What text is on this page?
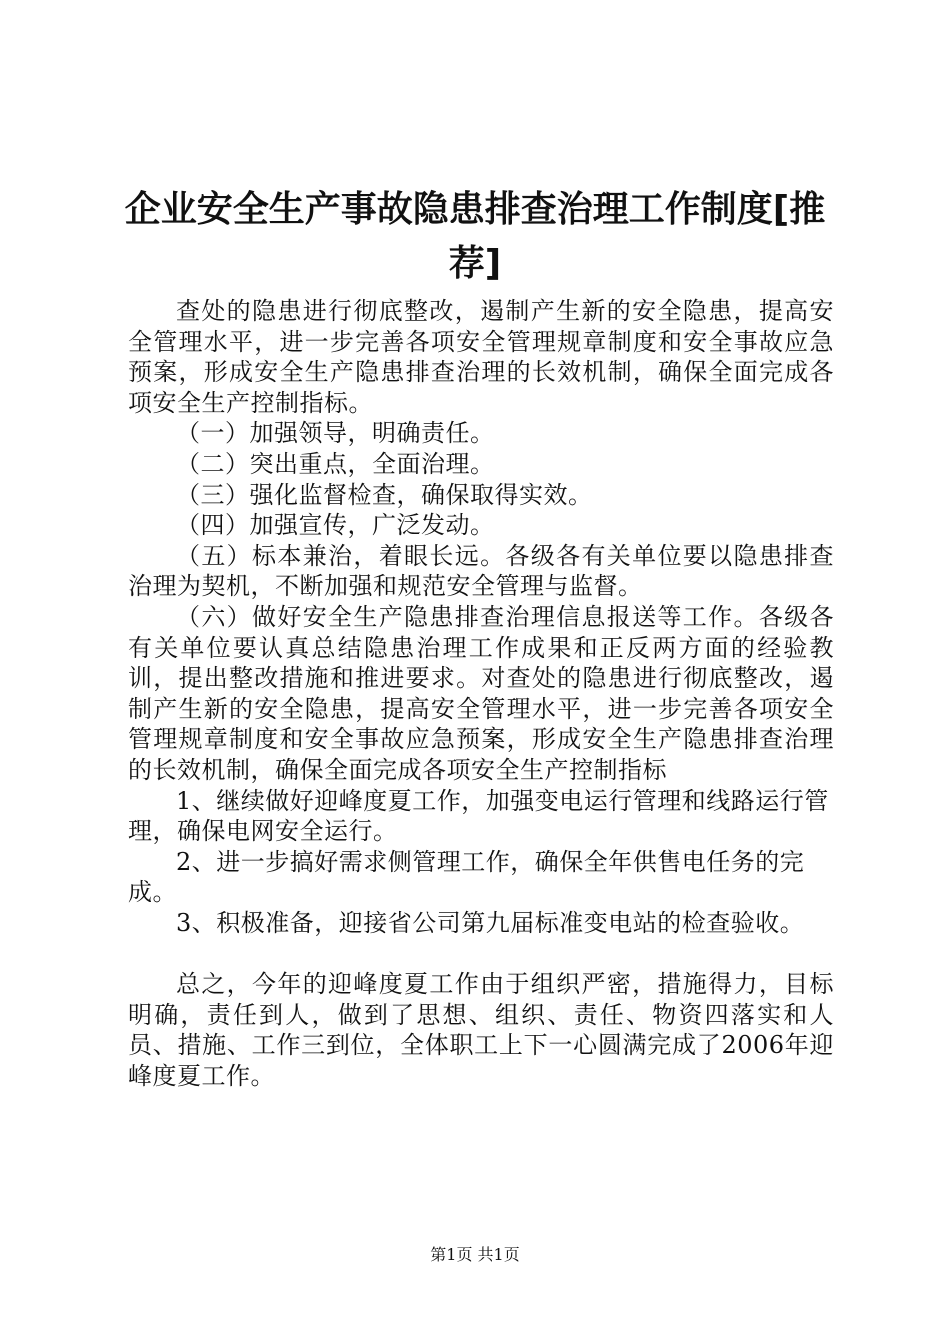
企业安全生产事故隐患排查治理工作制度[推荐]

查处的隐患进行彻底整改，遏制产生新的安全隐患，提高安全管理水平，进一步完善各项安全管理规章制度和安全事故应急预案，形成安全生产隐患排查治理的长效机制，确保全面完成各项安全生产控制指标。

（一）加强领导，明确责任。

（二）突出重点，全面治理。

（三）强化监督检查，确保取得实效。

（四）加强宣传，广泛发动。

（五）标本兼治，着眼长远。各级各有关单位要以隐患排查治理为契机，不断加强和规范安全管理与监督。

（六）做好安全生产隐患排查治理信息报送等工作。各级各有关单位要认真总结隐患治理工作成果和正反两方面的经验教训，提出整改措施和推进要求。对查处的隐患进行彻底整改，遏制产生新的安全隐患，提高安全管理水平，进一步完善各项安全管理规章制度和安全事故应急预案，形成安全生产隐患排查治理的长效机制，确保全面完成各项安全生产控制指标

1、继续做好迎峰度夏工作，加强变电运行管理和线路运行管理，确保电网安全运行。

2、进一步搞好需求侧管理工作，确保全年供售电任务的完成。

3、积极准备，迎接省公司第九届标准变电站的检查验收。

总之，今年的迎峰度夏工作由于组织严密，措施得力，目标明确，责任到人，做到了思想、组织、责任、物资四落实和人员、措施、工作三到位，全体职工上下一心圆满完成了2006年迎峰度夏工作。

第1页 共1页
